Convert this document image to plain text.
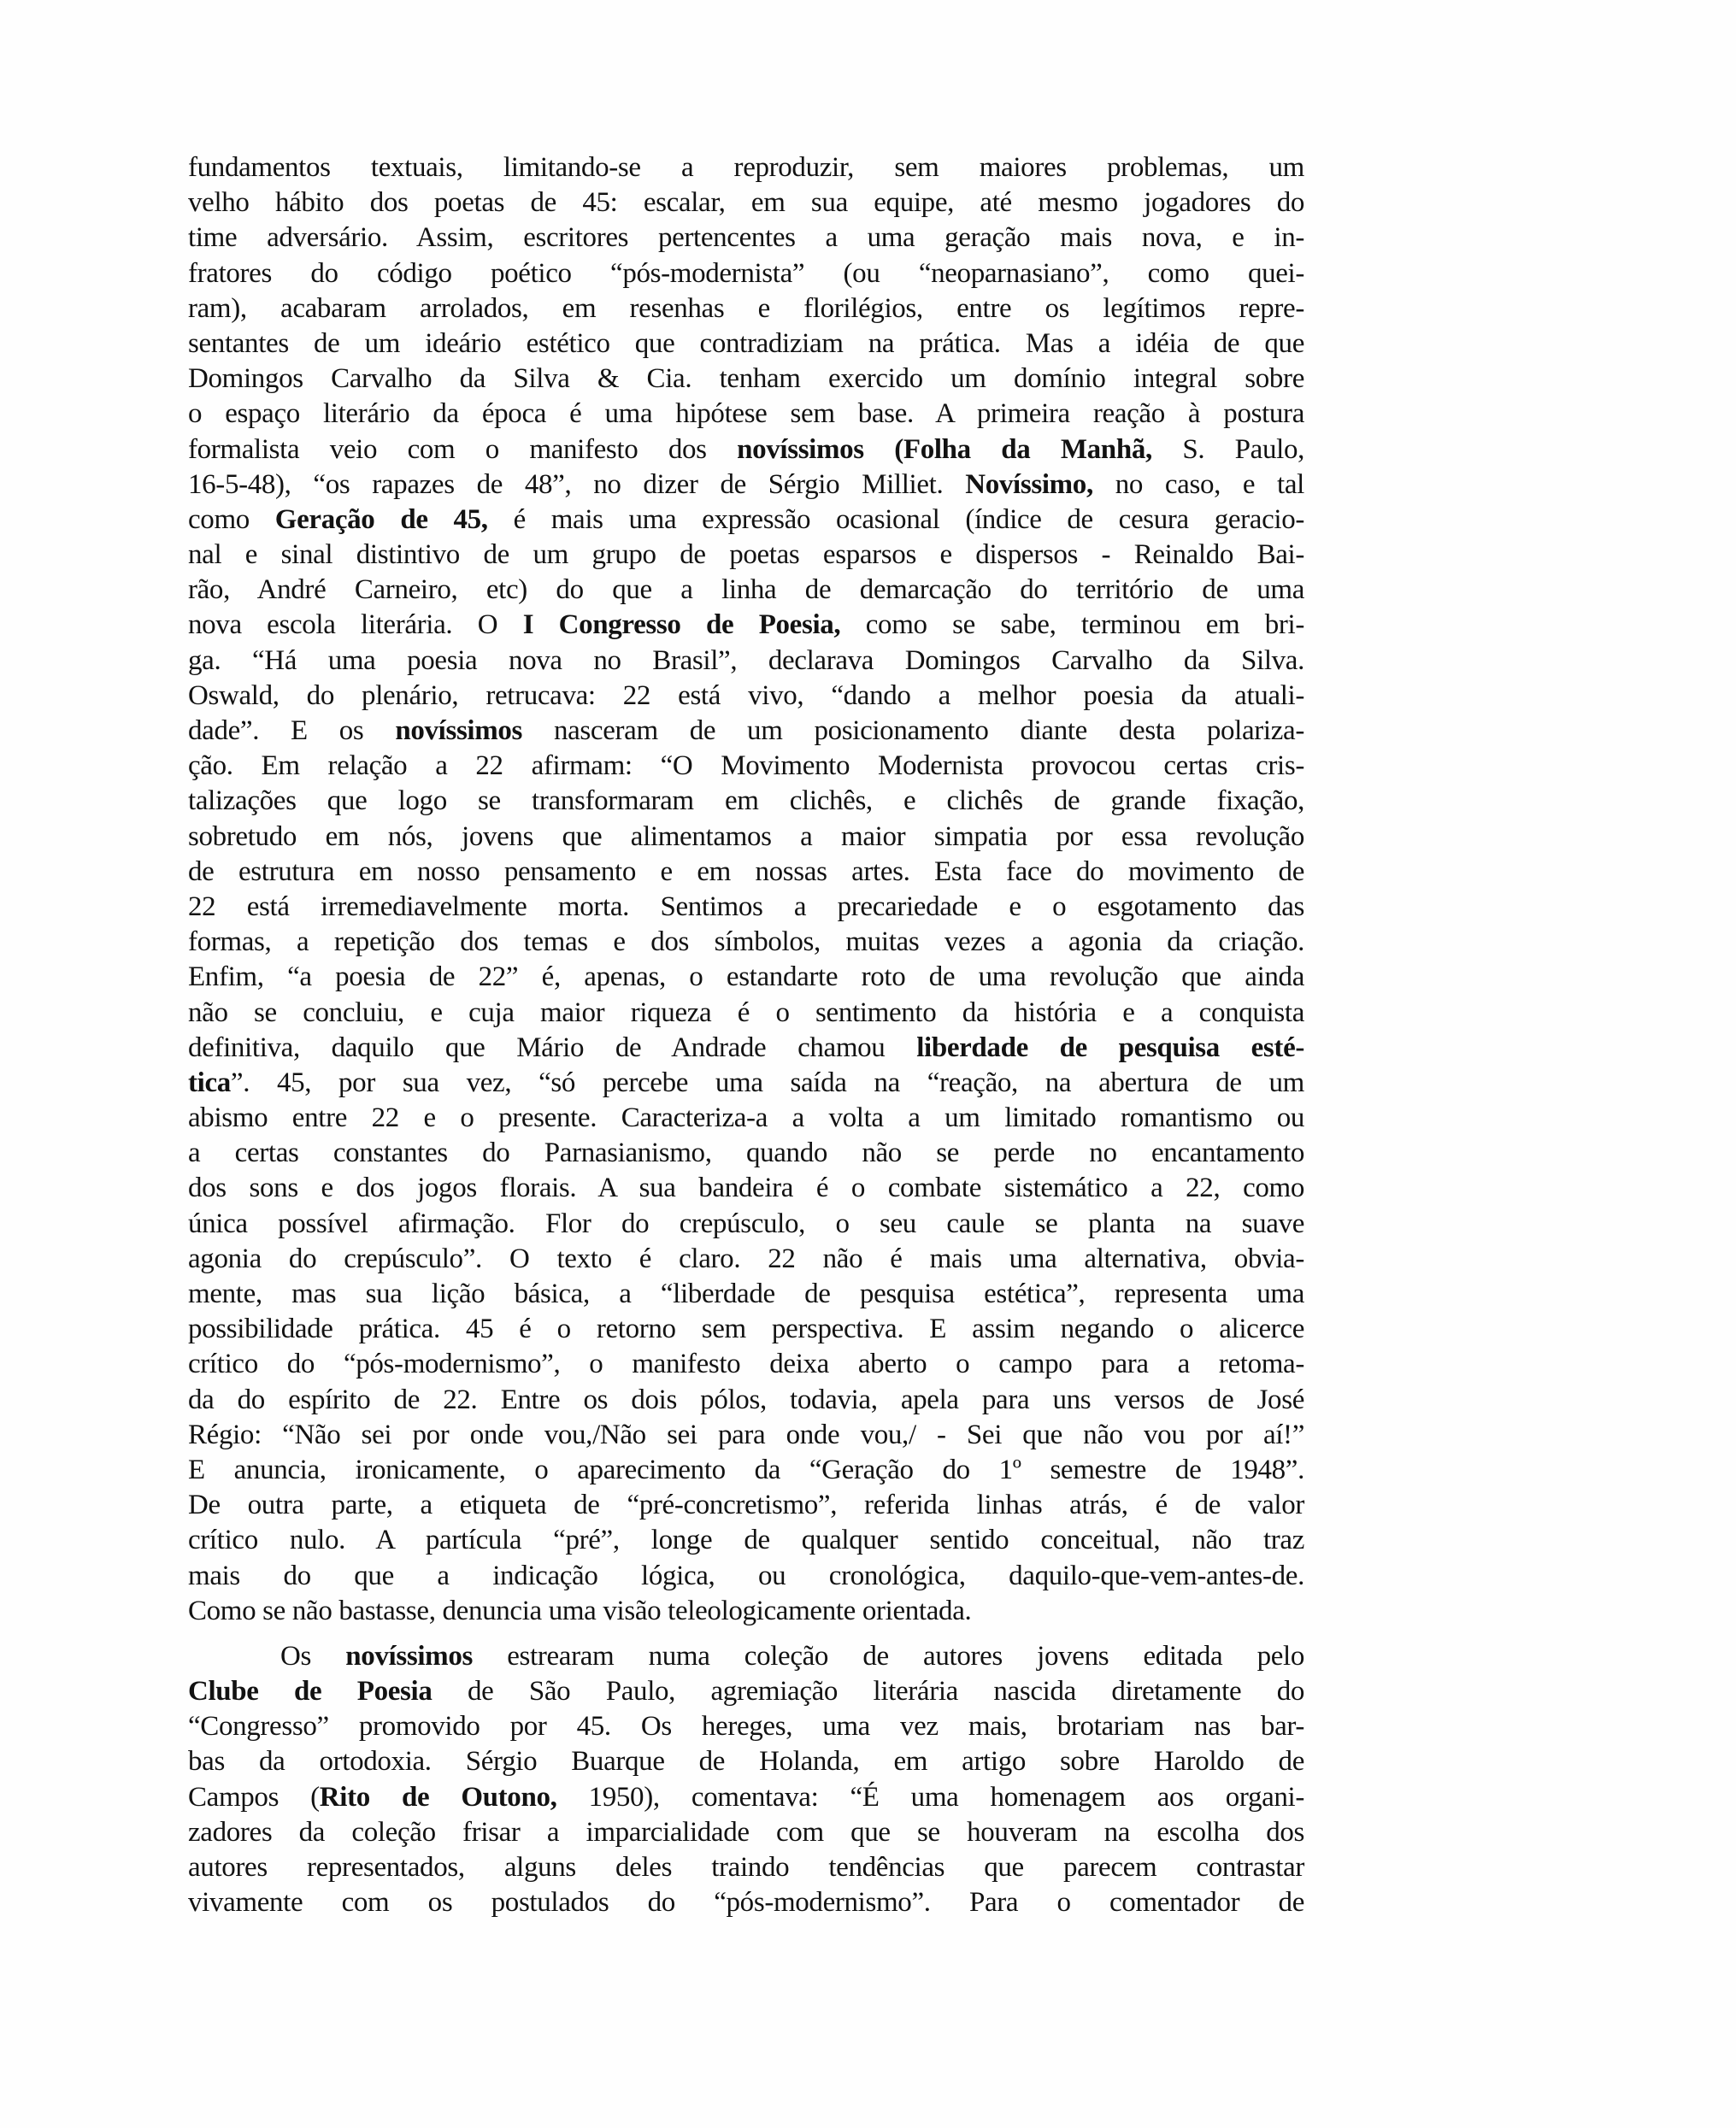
fundamentos textuais, limitando-se a reproduzir, sem maiores problemas, um
velho hábito dos poetas de 45: escalar, em sua equipe, até mesmo jogadores do
time adversário. Assim, escritores pertencentes a uma geração mais nova, e in-
fratores do código poético “pós-modernista” (ou “neoparnasiano”, como quei-
ram), acabaram arrolados, em resenhas e florilégios, entre os legítimos repre-
sentantes de um ideário estético que contradiziam na prática. Mas a idéia de que
Domingos Carvalho da Silva & Cia. tenham exercido um domínio integral sobre
o espaço literário da época é uma hipótese sem base. A primeira reação à postura
formalista veio com o manifesto dos novíssimos (Folha da Manhã, S. Paulo,
16-5-48), “os rapazes de 48”, no dizer de Sérgio Milliet. Novíssimo, no caso, e tal
como Geração de 45, é mais uma expressão ocasional (índice de cesura geracio-
nal e sinal distintivo de um grupo de poetas esparsos e dispersos - Reinaldo Bai-
rão, André Carneiro, etc) do que a linha de demarcação do território de uma
nova escola literária. O I Congresso de Poesia, como se sabe, terminou em bri-
ga. “Há uma poesia nova no Brasil”, declarava Domingos Carvalho da Silva.
Oswald, do plenário, retrucava: 22 está vivo, “dando a melhor poesia da atuali-
dade”. E os novíssimos nasceram de um posicionamento diante desta polariza-
ção. Em relação a 22 afirmam: “O Movimento Modernista provocou certas cris-
talizações que logo se transformaram em clichês, e clichês de grande fixação,
sobretudo em nós, jovens que alimentamos a maior simpatia por essa revolução
de estrutura em nosso pensamento e em nossas artes. Esta face do movimento de
22 está irremediavelmente morta. Sentimos a precariedade e o esgotamento das
formas, a repetição dos temas e dos símbolos, muitas vezes a agonia da criação.
Enfim, “a poesia de 22” é, apenas, o estandarte roto de uma revolução que ainda
não se concluiu, e cuja maior riqueza é o sentimento da história e a conquista
definitiva, daquilo que Mário de Andrade chamou liberdade de pesquisa esté-
tica”. 45, por sua vez, “só percebe uma saída na “reação, na abertura de um
abismo entre 22 e o presente. Caracteriza-a a volta a um limitado romantismo ou
a certas constantes do Parnasianismo, quando não se perde no encantamento
dos sons e dos jogos florais. A sua bandeira é o combate sistemático a 22, como
única possível afirmação. Flor do crepúsculo, o seu caule se planta na suave
agonia do crepúsculo”. O texto é claro. 22 não é mais uma alternativa, obvia-
mente, mas sua lição básica, a “liberdade de pesquisa estética”, representa uma
possibilidade prática. 45 é o retorno sem perspectiva. E assim negando o alicerce
crítico do “pós-modernismo”, o manifesto deixa aberto o campo para a retoma-
da do espírito de 22. Entre os dois pólos, todavia, apela para uns versos de José
Régio: “Não sei por onde vou,/Não sei para onde vou,/ - Sei que não vou por aí!”
E anuncia, ironicamente, o aparecimento da “Geração do 1º semestre de 1948”.
De outra parte, a etiqueta de “pré-concretismo”, referida linhas atrás, é de valor
crítico nulo. A partícula “pré”, longe de qualquer sentido conceitual, não traz
mais do que a indicação lógica, ou cronológica, daquilo-que-vem-antes-de.
Como se não bastasse, denuncia uma visão teleologicamente orientada.
Os novíssimos estrearam numa coleção de autores jovens editada pelo
Clube de Poesia de São Paulo, agremiação literária nascida diretamente do
“Congresso” promovido por 45. Os hereges, uma vez mais, brotariam nas bar-
bas da ortodoxia. Sérgio Buarque de Holanda, em artigo sobre Haroldo de
Campos (Rito de Outono, 1950), comentava: “É uma homenagem aos organi-
zadores da coleção frisar a imparcialidade com que se houveram na escolha dos
autores representados, alguns deles traindo tendências que parecem contrastar
vivamente com os postulados do “pós-modernismo”. Para o comentador de
